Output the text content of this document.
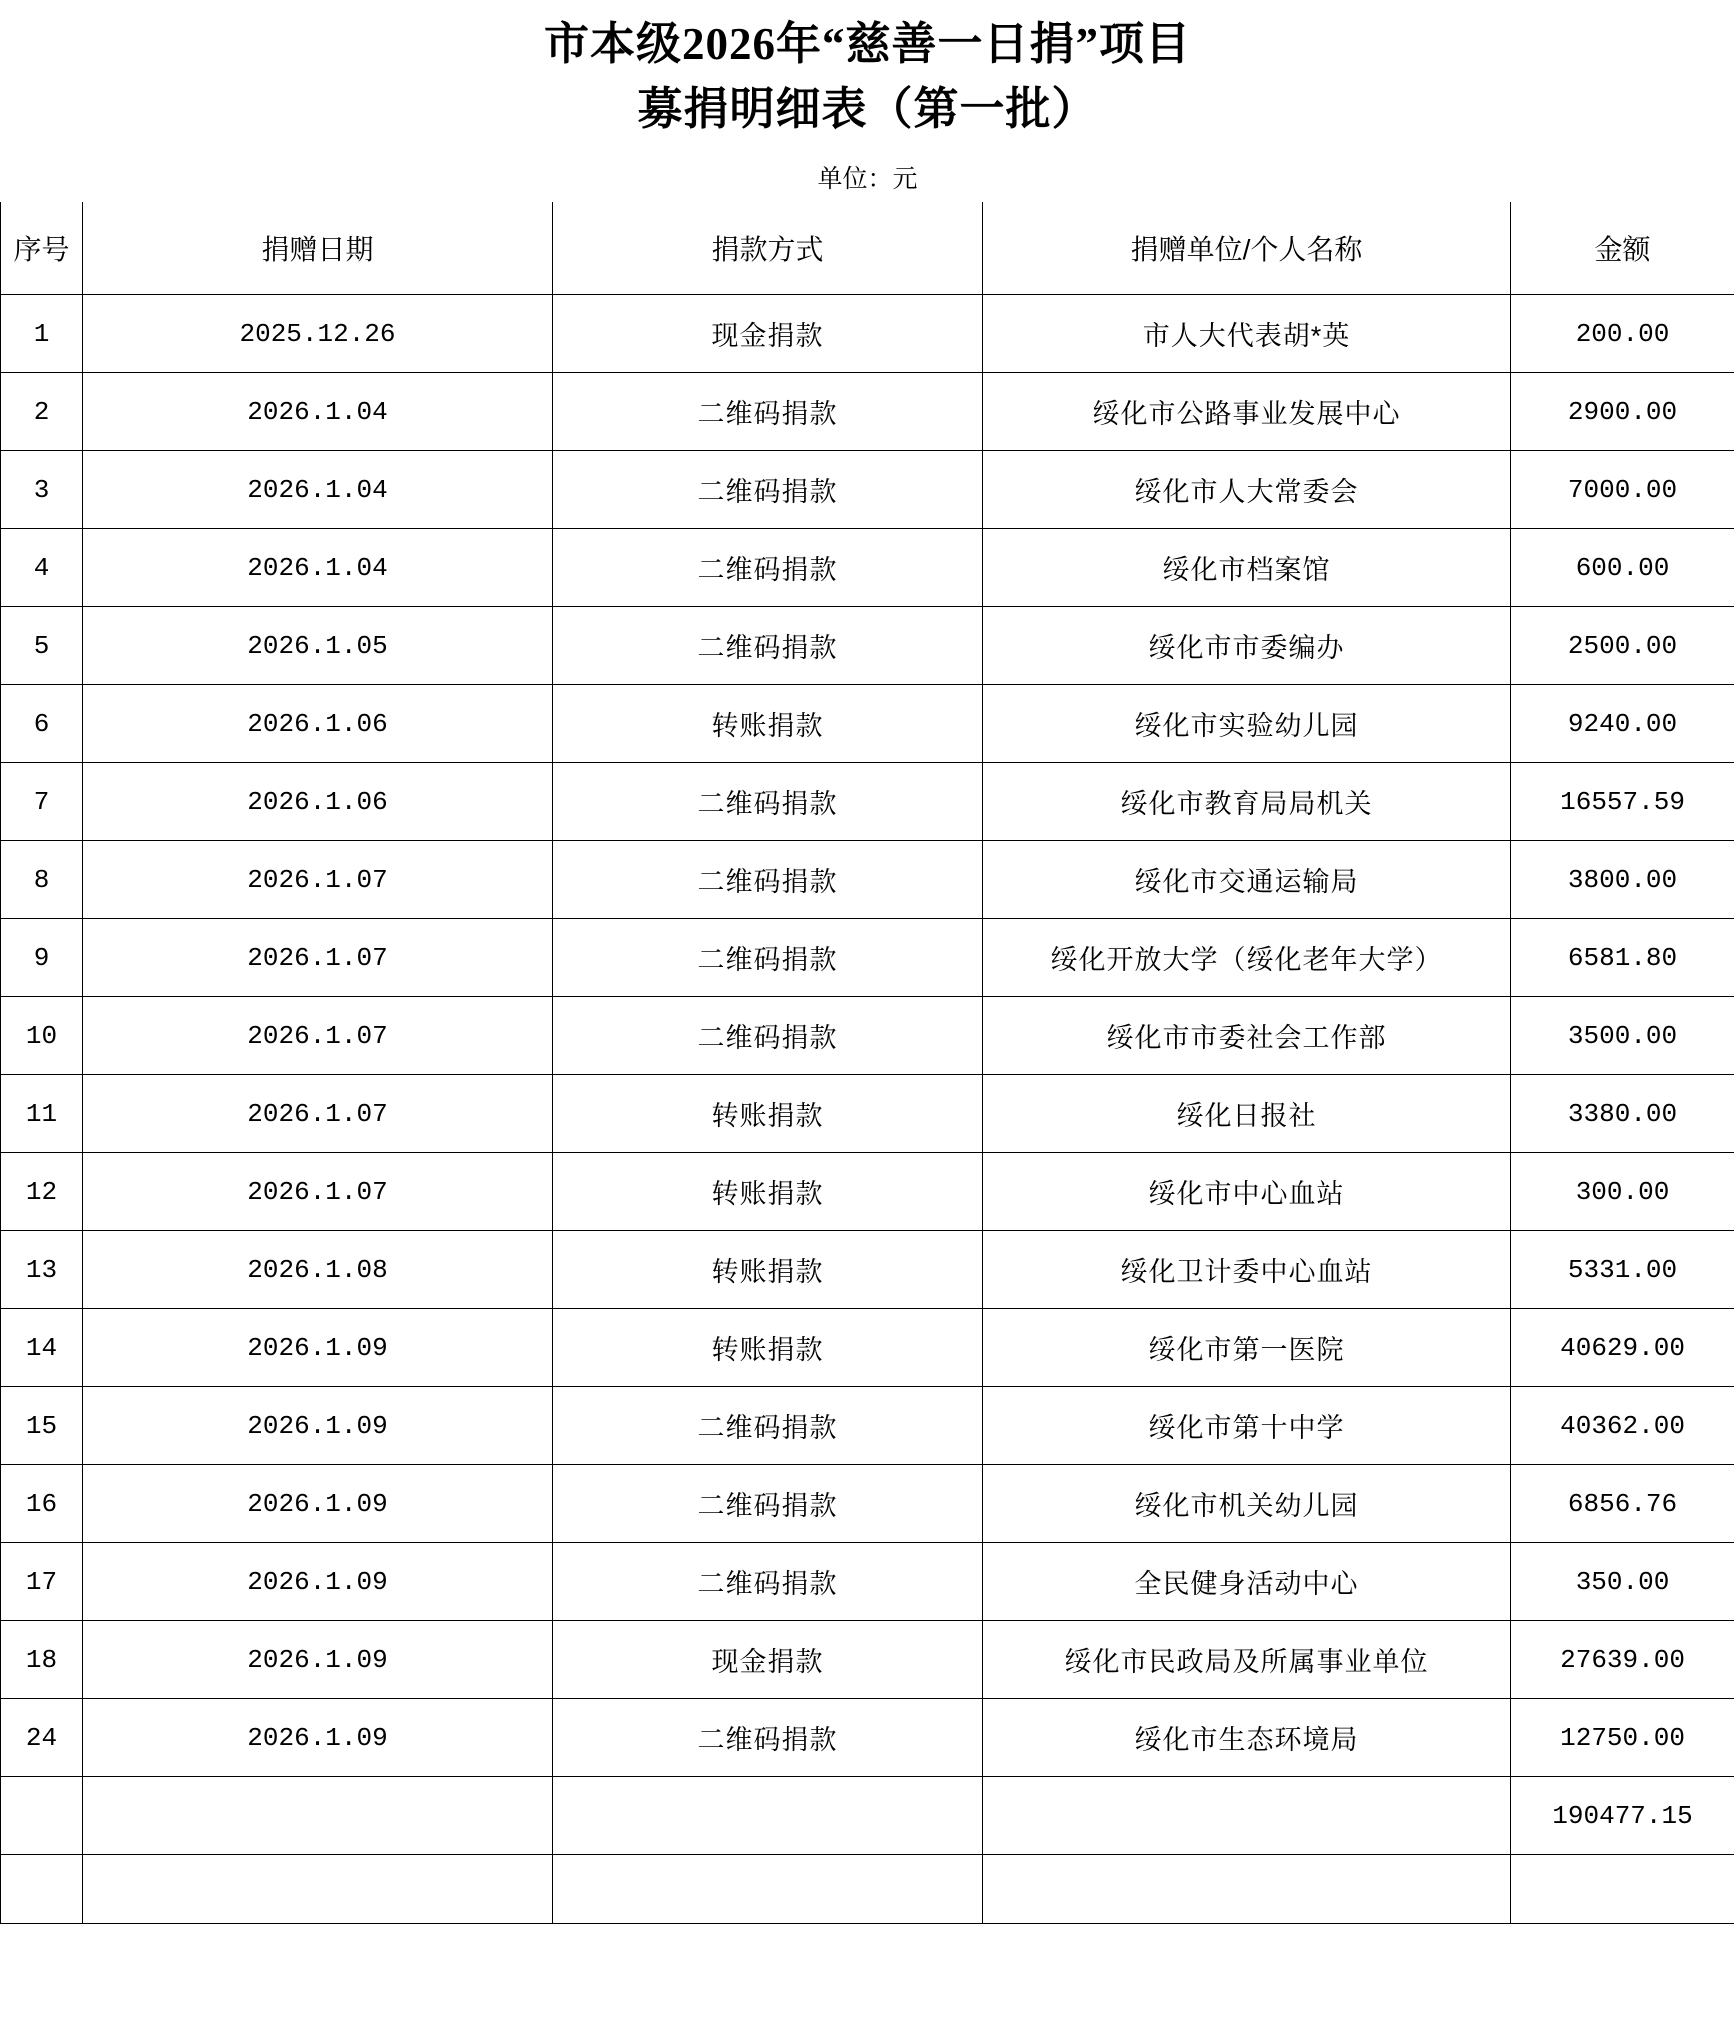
市本级2026年“慈善一日捐”项目
募捐明细表（第一批）				

单位：元				
序号	捐赠日期	捐款方式	捐赠单位/个人名称	金额
1	2025.12.26	现金捐款	市人大代表胡*英	200.00
2	2026.1.04	二维码捐款	绥化市公路事业发展中心	2900.00
3	2026.1.04	二维码捐款	绥化市人大常委会	7000.00
4	2026.1.04	二维码捐款	绥化市档案馆	600.00
5	2026.1.05	二维码捐款	绥化市市委编办	2500.00
6	2026.1.06	转账捐款	绥化市实验幼儿园	9240.00
7	2026.1.06	二维码捐款	绥化市教育局局机关	16557.59
8	2026.1.07	二维码捐款	绥化市交通运输局	3800.00
9	2026.1.07	二维码捐款	绥化开放大学（绥化老年大学）	6581.80
10	2026.1.07	二维码捐款	绥化市市委社会工作部	3500.00
11	2026.1.07	转账捐款	绥化日报社	3380.00
12	2026.1.07	转账捐款	绥化市中心血站	300.00
13	2026.1.08	转账捐款	绥化卫计委中心血站	5331.00
14	2026.1.09	转账捐款	绥化市第一医院	40629.00
15	2026.1.09	二维码捐款	绥化市第十中学	40362.00
16	2026.1.09	二维码捐款	绥化市机关幼儿园	6856.76
17	2026.1.09	二维码捐款	全民健身活动中心	350.00
18	2026.1.09	现金捐款	绥化市民政局及所属事业单位	27639.00
24	2026.1.09	二维码捐款	绥化市生态环境局	12750.00
				190477.15
